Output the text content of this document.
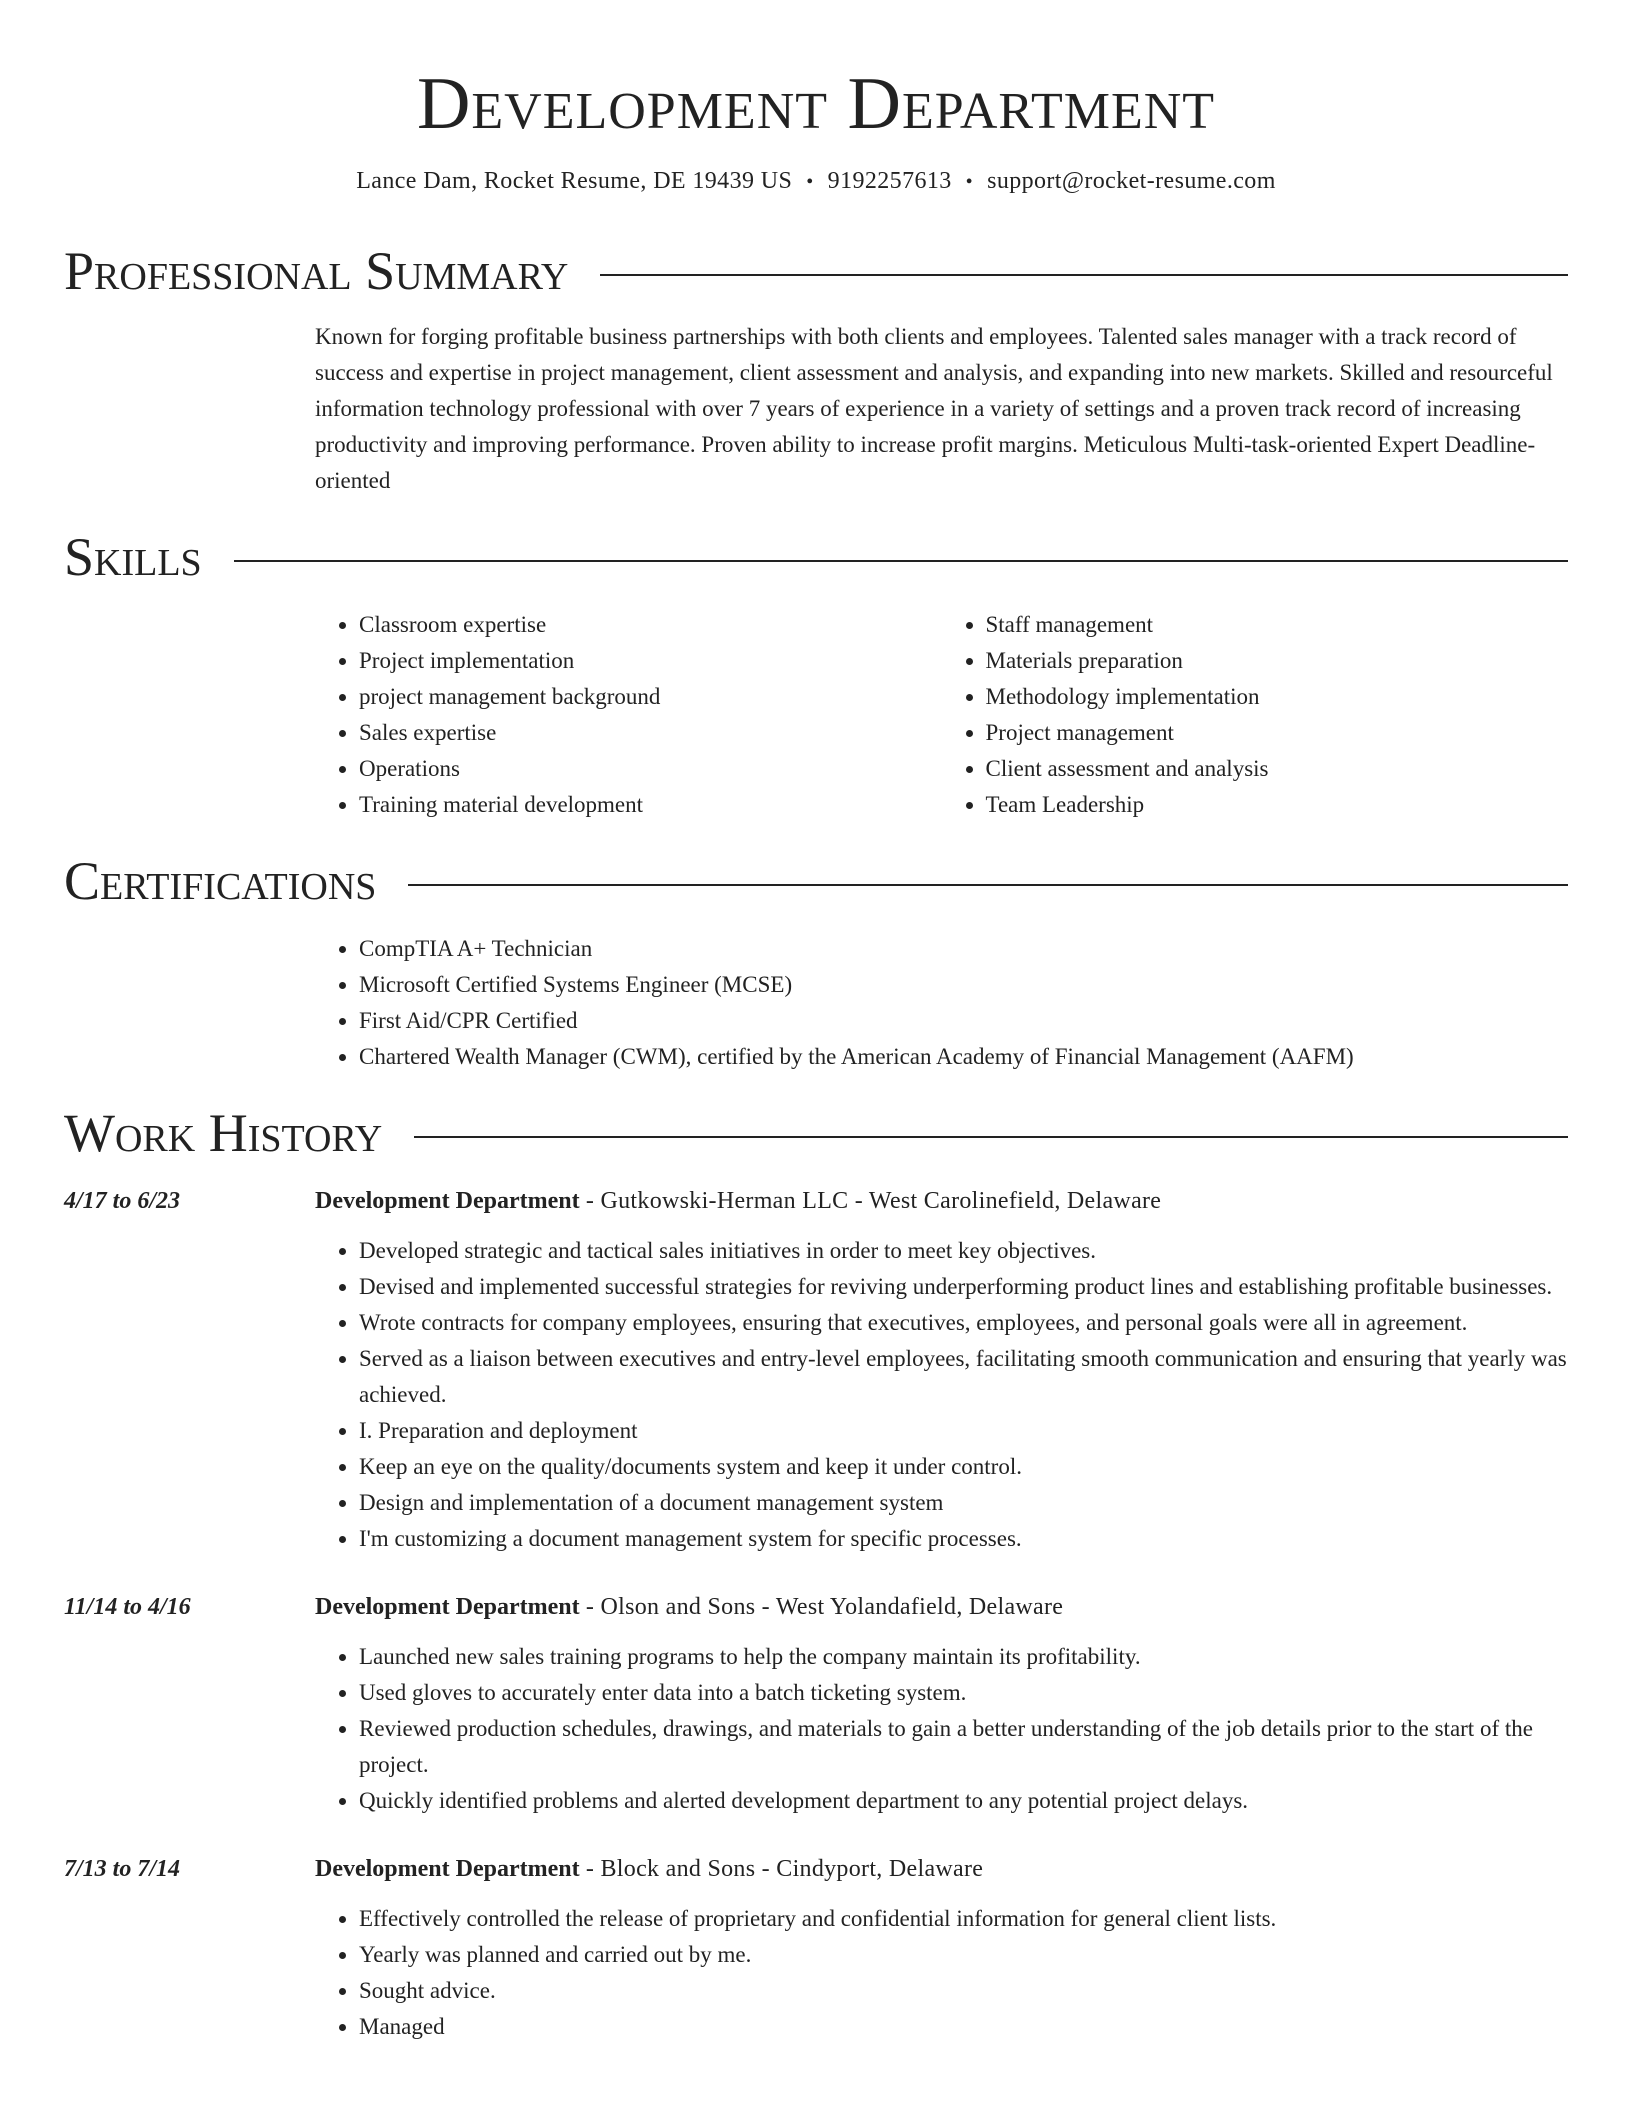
Development Department
Lance Dam, Rocket Resume, DE 19439 US • 9192257613 • support@rocket-resume.com
Professional Summary
Known for forging profitable business partnerships with both clients and employees. Talented sales manager with a track record of success and expertise in project management, client assessment and analysis, and expanding into new markets. Skilled and resourceful information technology professional with over 7 years of experience in a variety of settings and a proven track record of increasing productivity and improving performance. Proven ability to increase profit margins. Meticulous Multi-task-oriented Expert Deadline-oriented
Skills
• Classroom expertise
• Project implementation
• project management background
• Sales expertise
• Operations
• Training material development
• Staff management
• Materials preparation
• Methodology implementation
• Project management
• Client assessment and analysis
• Team Leadership
Certifications
• CompTIA A+ Technician
• Microsoft Certified Systems Engineer (MCSE)
• First Aid/CPR Certified
• Chartered Wealth Manager (CWM), certified by the American Academy of Financial Management (AAFM)
Work History
4/17 to 6/23	Development Department - Gutkowski-Herman LLC - West Carolinefield, Delaware
• Developed strategic and tactical sales initiatives in order to meet key objectives.
• Devised and implemented successful strategies for reviving underperforming product lines and establishing profitable businesses.
• Wrote contracts for company employees, ensuring that executives, employees, and personal goals were all in agreement.
• Served as a liaison between executives and entry-level employees, facilitating smooth communication and ensuring that yearly was achieved.
• I. Preparation and deployment
• Keep an eye on the quality/documents system and keep it under control.
• Design and implementation of a document management system
• I'm customizing a document management system for specific processes.
11/14 to 4/16	Development Department - Olson and Sons - West Yolandafield, Delaware
• Launched new sales training programs to help the company maintain its profitability.
• Used gloves to accurately enter data into a batch ticketing system.
• Reviewed production schedules, drawings, and materials to gain a better understanding of the job details prior to the start of the project.
• Quickly identified problems and alerted development department to any potential project delays.
7/13 to 7/14	Development Department - Block and Sons - Cindyport, Delaware
• Effectively controlled the release of proprietary and confidential information for general client lists.
• Yearly was planned and carried out by me.
• Sought advice.
• Managed
